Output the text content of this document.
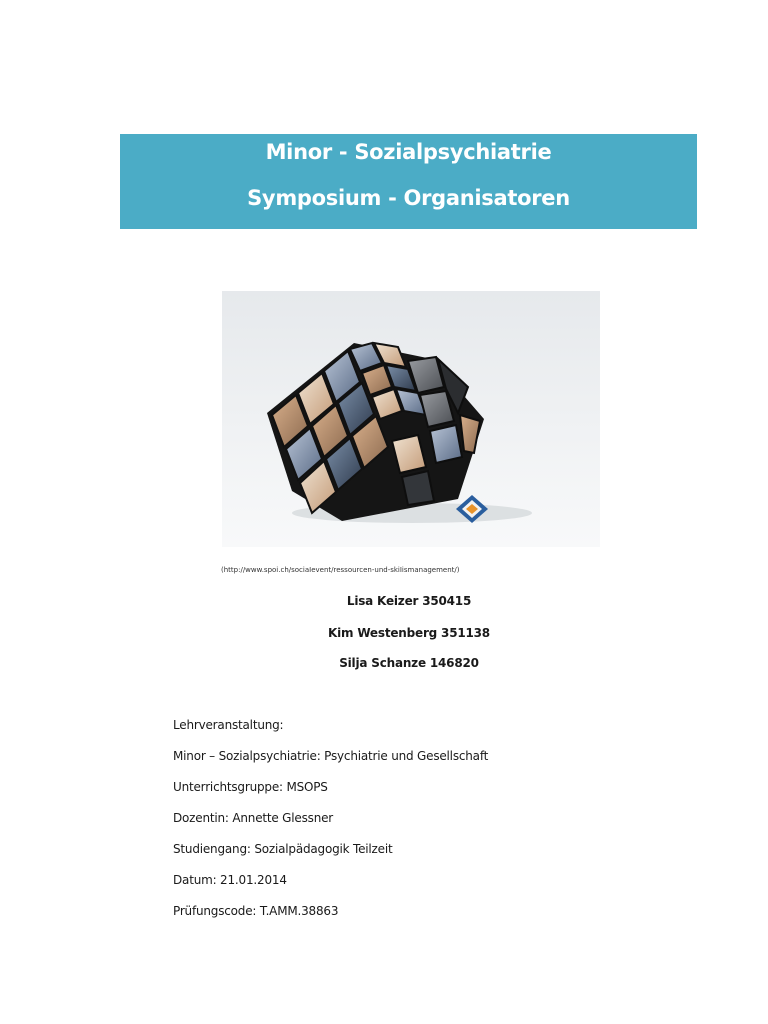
Minor - Sozialpsychiatrie
Symposium - Organisatoren
(http://www.spoi.ch/sociaIevent/ressourcen-und-skiIismanagement/)
Lisa Keizer 350415
Kim Westenberg 351138
Silja Schanze 146820
Lehrveranstaltung:
Minor – Sozialpsychiatrie: Psychiatrie und Gesellschaft
Unterrichtsgruppe: MSOPS
Dozentin: Annette Glessner
Studiengang: Sozialpädagogik Teilzeit
Datum: 21.01.2014
Prüfungscode: T.AMM.38863
